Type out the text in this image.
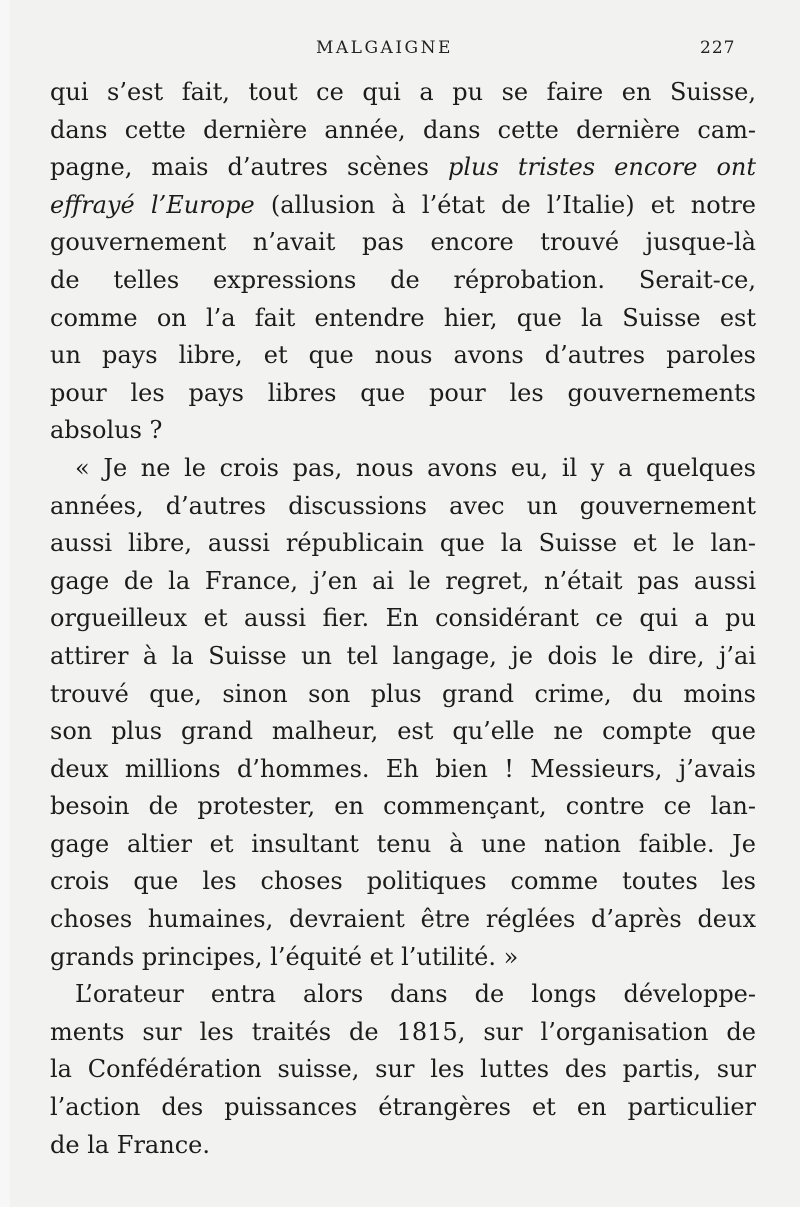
MALGAIGNE	227
qui s’est fait, tout ce qui a pu se faire en Suisse,
dans cette dernière année, dans cette dernière cam-
pagne, mais d’autres scènes plus tristes encore ont
effrayé l’Europe (allusion à l’état de l’Italie) et notre
gouvernement n’avait pas encore trouvé jusque-là
de telles expressions de réprobation. Serait-ce,
comme on l’a fait entendre hier, que la Suisse est
un pays libre, et que nous avons d’autres paroles
pour les pays libres que pour les gouvernements
absolus ?
« Je ne le crois pas, nous avons eu, il y a quelques
années, d’autres discussions avec un gouvernement
aussi libre, aussi républicain que la Suisse et le lan-
gage de la France, j’en ai le regret, n’était pas aussi
orgueilleux et aussi fier. En considérant ce qui a pu
attirer à la Suisse un tel langage, je dois le dire, j’ai
trouvé que, sinon son plus grand crime, du moins
son plus grand malheur, est qu’elle ne compte que
deux millions d’hommes. Eh bien ! Messieurs, j’avais
besoin de protester, en commençant, contre ce lan-
gage altier et insultant tenu à une nation faible. Je
crois que les choses politiques comme toutes les
choses humaines, devraient être réglées d’après deux
grands principes, l’équité et l’utilité. »
L’orateur entra alors dans de longs développe-
ments sur les traités de 1815, sur l’organisation de
la Confédération suisse, sur les luttes des partis, sur
l’action des puissances étrangères et en particulier
de la France.
